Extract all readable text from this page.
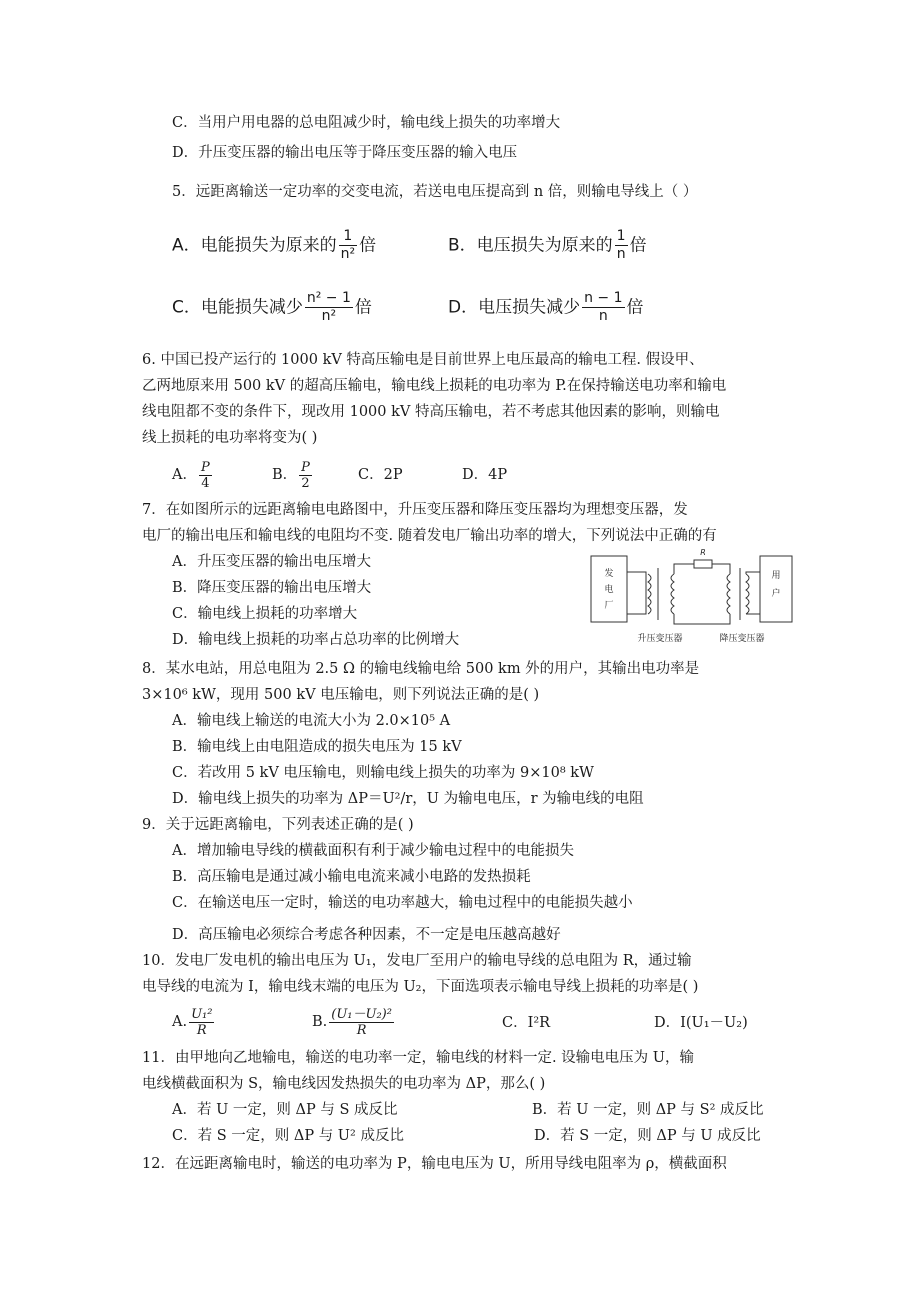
C．当用户用电器的总电阻减少时，输电线上损失的功率增大
D．升压变压器的输出电压等于降压变压器的输入电压
5．远距离输送一定功率的交变电流，若送电电压提高到 n 倍，则输电导线上（ ）
A．电能损失为原来的 $\frac{1}{\text{n²}}$ 倍	B．电压损失为原来的 $\frac{1}{n}$ 倍
C．电能损失减少 $\frac{\text{n² − 1}}{\text{n²}}$ 倍	D．电压损失减少 $\frac{n - 1}{n}$ 倍
6. 中国已投产运行的 1000 kV 特高压输电是目前世界上电压最高的输电工程. 假设甲、
乙两地原来用 500 kV 的超高压输电，输电线上损耗的电功率为 P.在保持输送电功率和输电
线电阻都不变的条件下，现改用 1000 kV 特高压输电，若不考虑其他因素的影响，则输电
线上损耗的电功率将变为( )
A． $\frac{P}{4}$	B． $\frac{P}{2}$	C．2P	D．4P
7．在如图所示的远距离输电电路图中，升压变压器和降压变压器均为理想变压器，发
电厂的输出电压和输电线的电阻均不变. 随着发电厂输出功率的增大，下列说法中正确的有
A．升压变压器的输出电压增大
B．降压变压器的输出电压增大
C．输电线上损耗的功率增大
D．输电线上损耗的功率占总功率的比例增大
发
电
厂
R
用
户
升压变压器	降压变压器
8．某水电站，用总电阻为 2.5 Ω 的输电线输电给 500 km 外的用户，其输出电功率是
3×10⁶ kW，现用 500 kV 电压输电，则下列说法正确的是( )
A．输电线上输送的电流大小为 2.0×10⁵ A
B．输电线上由电阻造成的损失电压为 15 kV
C．若改用 5 kV 电压输电，则输电线上损失的功率为 9×10⁸ kW
D．输电线上损失的功率为 ΔP＝U²/r，U 为输电电压，r 为输电线的电阻
9．关于远距离输电，下列表述正确的是( )
A．增加输电导线的横截面积有利于减少输电过程中的电能损失
B．高压输电是通过减小输电电流来减小电路的发热损耗
C．在输送电压一定时，输送的电功率越大，输电过程中的电能损失越小
D．高压输电必须综合考虑各种因素，不一定是电压越高越好
10．发电厂发电机的输出电压为 U₁，发电厂至用户的输电导线的总电阻为 R，通过输
电导线的电流为 I，输电线末端的电压为 U₂，下面选项表示输电导线上损耗的功率是( )
A. $\frac{\text{U₁²}}{R}$	B. $\frac{\text{(U₁－U₂)²}}{R}$	C．I²R	D．I(U₁－U₂)
11．由甲地向乙地输电，输送的电功率一定，输电线的材料一定. 设输电电压为 U，输
电线横截面积为 S，输电线因发热损失的电功率为 ΔP，那么( )
A．若 U 一定，则 ΔP 与 S 成反比	B．若 U 一定，则 ΔP 与 S² 成反比
C．若 S 一定，则 ΔP 与 U² 成反比	D．若 S 一定，则 ΔP 与 U 成反比
12．在远距离输电时，输送的电功率为 P，输电电压为 U，所用导线电阻率为 ρ，横截面积
